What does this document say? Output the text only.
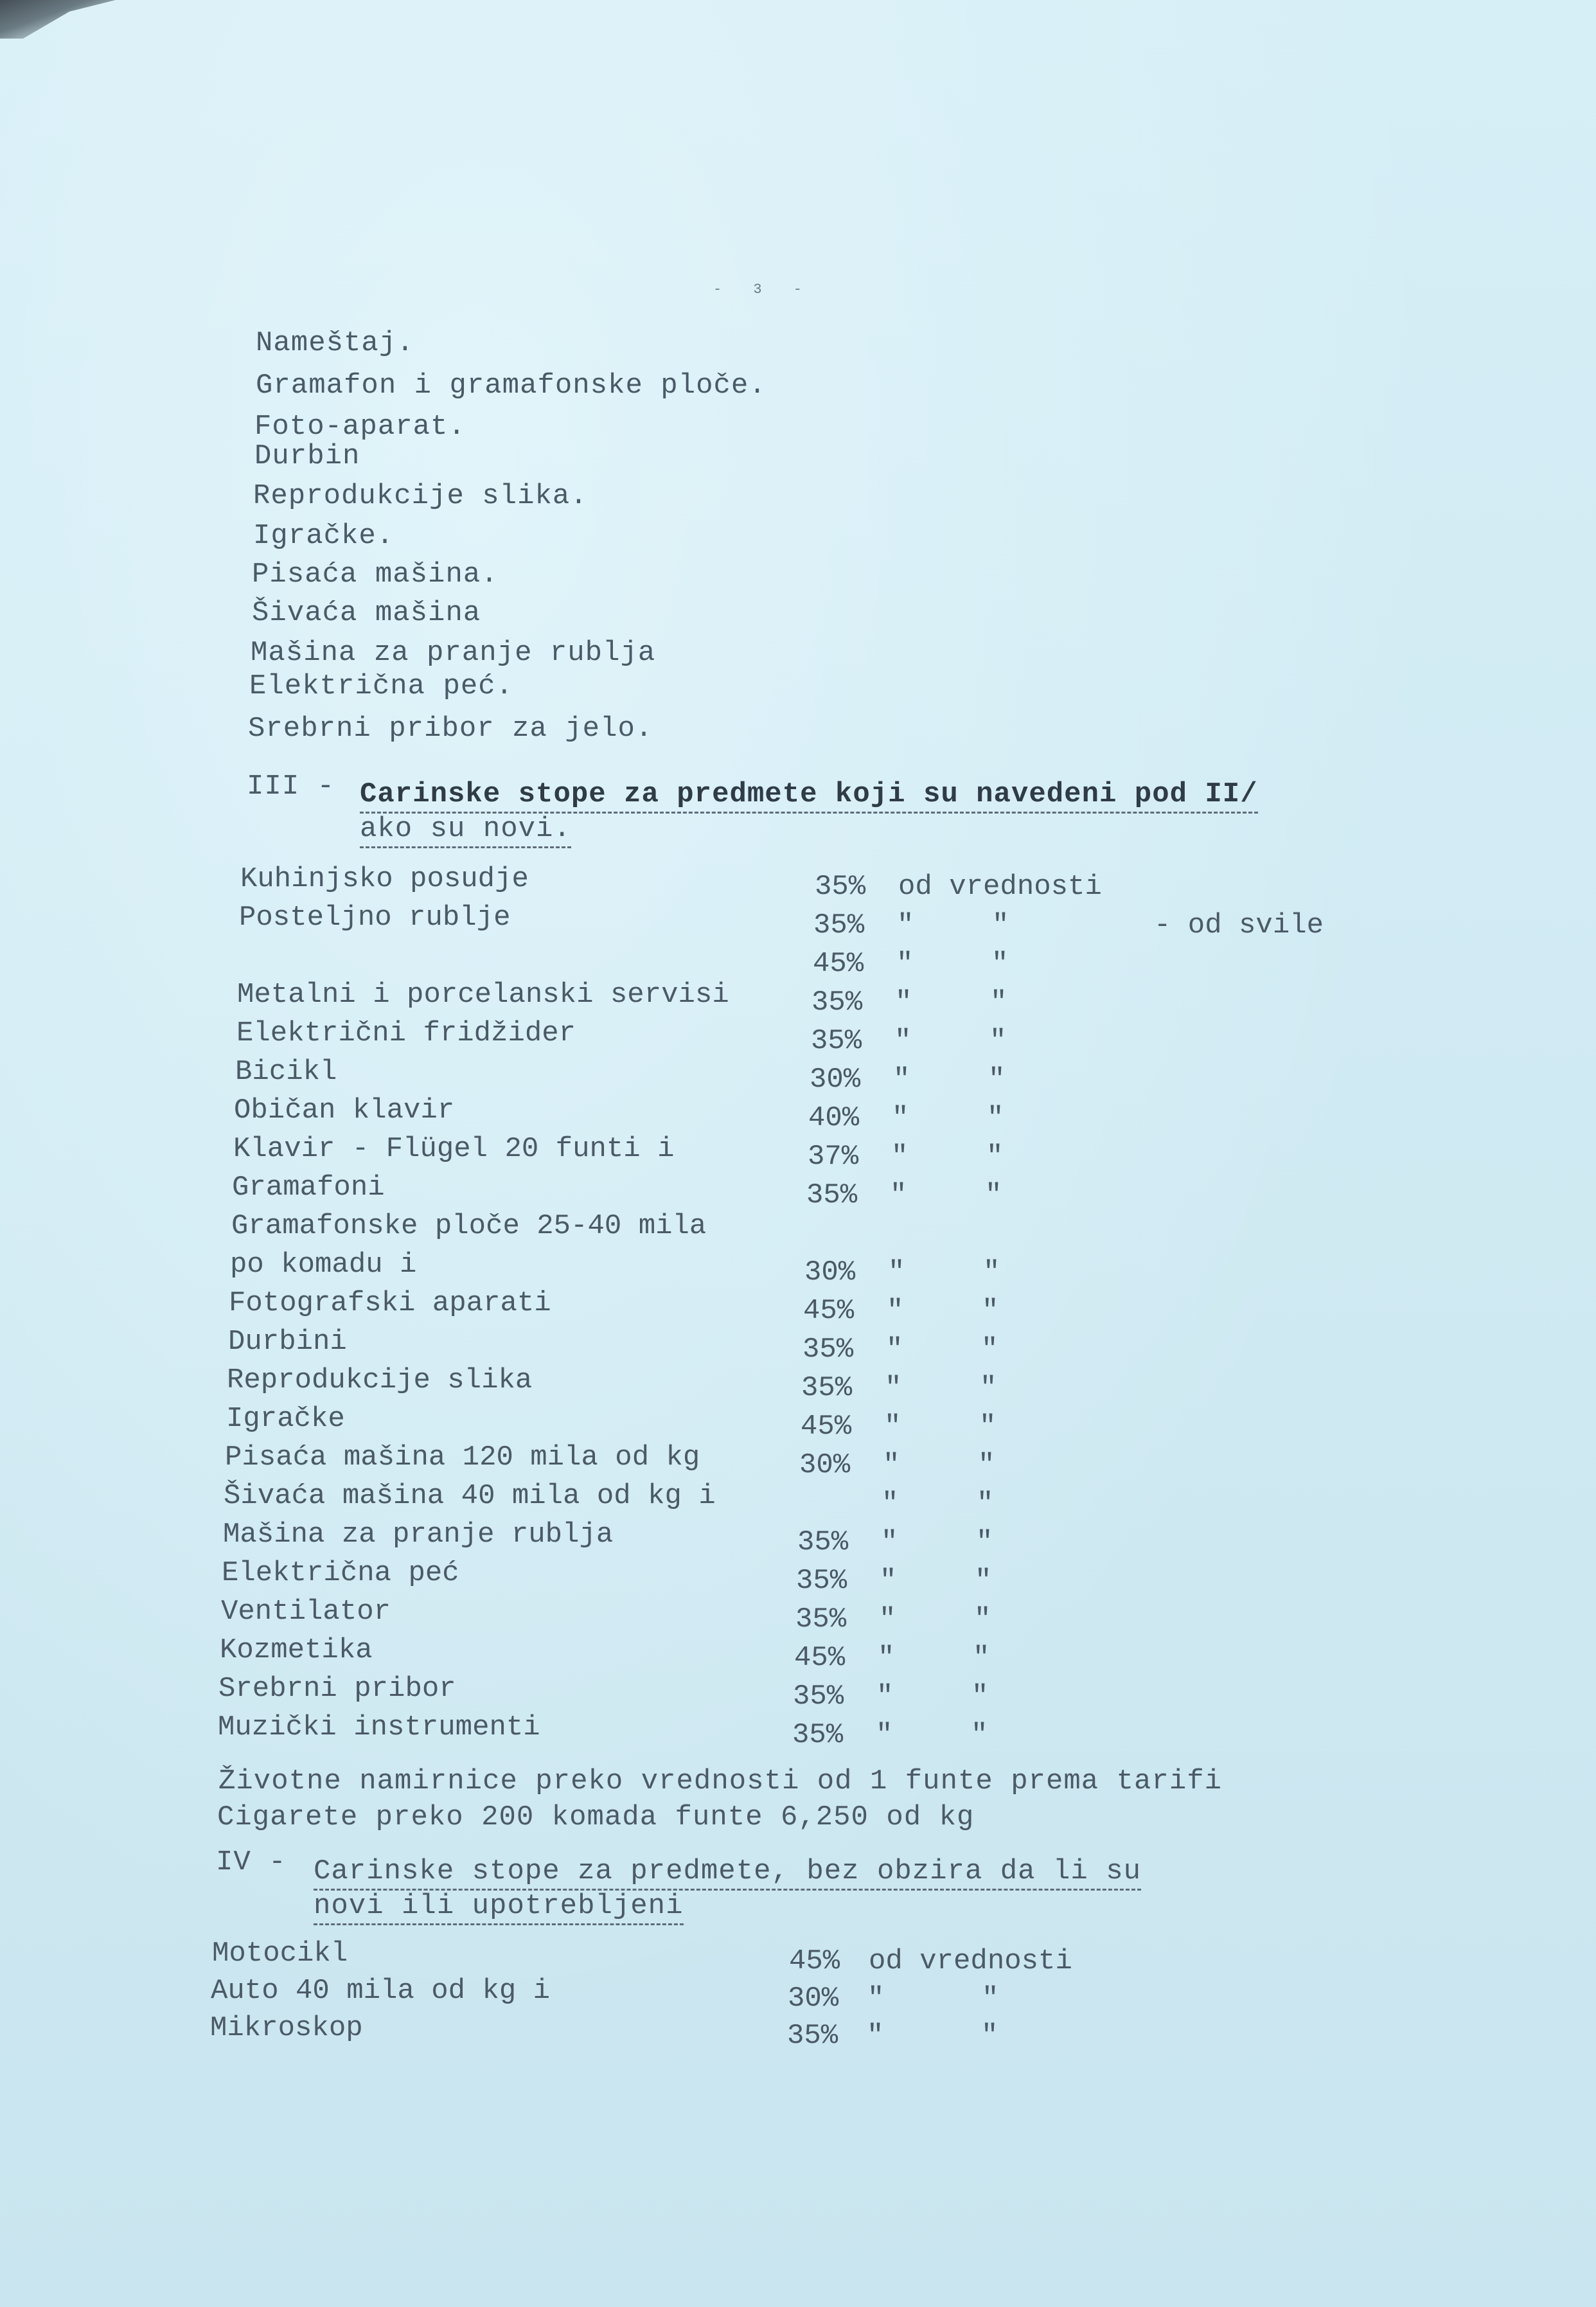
- 3 -
Nameštaj.
Gramafon i gramafonske ploče.
Foto-aparat.
Durbin
Reprodukcije slika.
Igračke.
Pisaća mašina.
Šivaća mašina
Mašina za pranje rublja
Električna peć.
Srebrni pribor za jelo.
III - Carinske stope za predmete koji su navedeni pod II/
ako su novi.
Kuhinjsko posudje	35% od vrednosti
Posteljno rublje	35% "	"	- od svile
45% "	"
Metalni i porcelanski servisi	35% "	"
Električni fridžider	35% "	"
Bicikl	30% "	"
Običan klavir	40% "	"
Klavir - Flügel 20 funti i	37% "	"
Gramafoni	35% "	"
Gramafonske ploče 25-40 mila
po komadu i	30% "	"
Fotografski aparati	45% "	"
Durbini	35% "	"
Reprodukcije slika	35% "	"
Igračke	45% "	"
Pisaća mašina 120 mila od kg	30% "	"
Šivaća mašina 40 mila od kg i	"	"
Mašina za pranje rublja	35% "	"
Električna peć	35% "	"
Ventilator	35% "	"
Kozmetika	45% "	"
Srebrni pribor	35% "	"
Muzički instrumenti	35% "	"
Životne namirnice preko vrednosti od 1 funte prema tarifi
Cigarete preko 200 komada funte 6,250 od kg
IV - Carinske stope za predmete, bez obzira da li su
novi ili upotrebljeni
Motocikl	45% od vrednosti
Auto 40 mila od kg i	30% "	"
Mikroskop	35% "	"
